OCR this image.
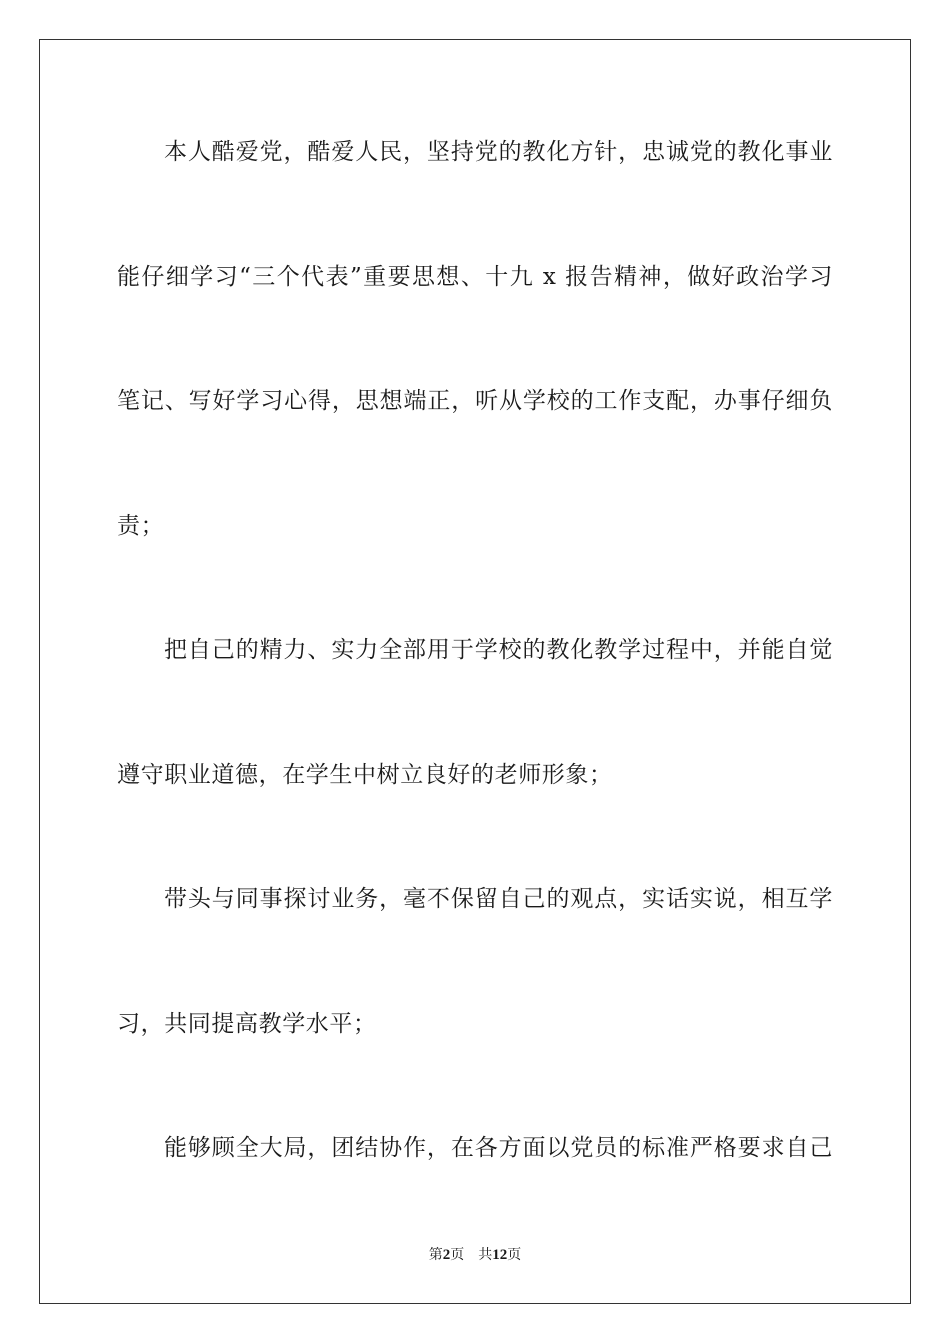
本人酷爱党，酷爱人民，坚持党的教化方针，忠诚党的教化事业
能仔细学习“三个代表”重要思想、十九 x 报告精神，做好政治学习
笔记、写好学习心得，思想端正，听从学校的工作支配，办事仔细负
责；
把自己的精力、实力全部用于学校的教化教学过程中，并能自觉
遵守职业道德，在学生中树立良好的老师形象；
带头与同事探讨业务，毫不保留自己的观点，实话实说，相互学
习，共同提高教学水平；
能够顾全大局，团结协作，在各方面以党员的标准严格要求自己
第2页 共12页
